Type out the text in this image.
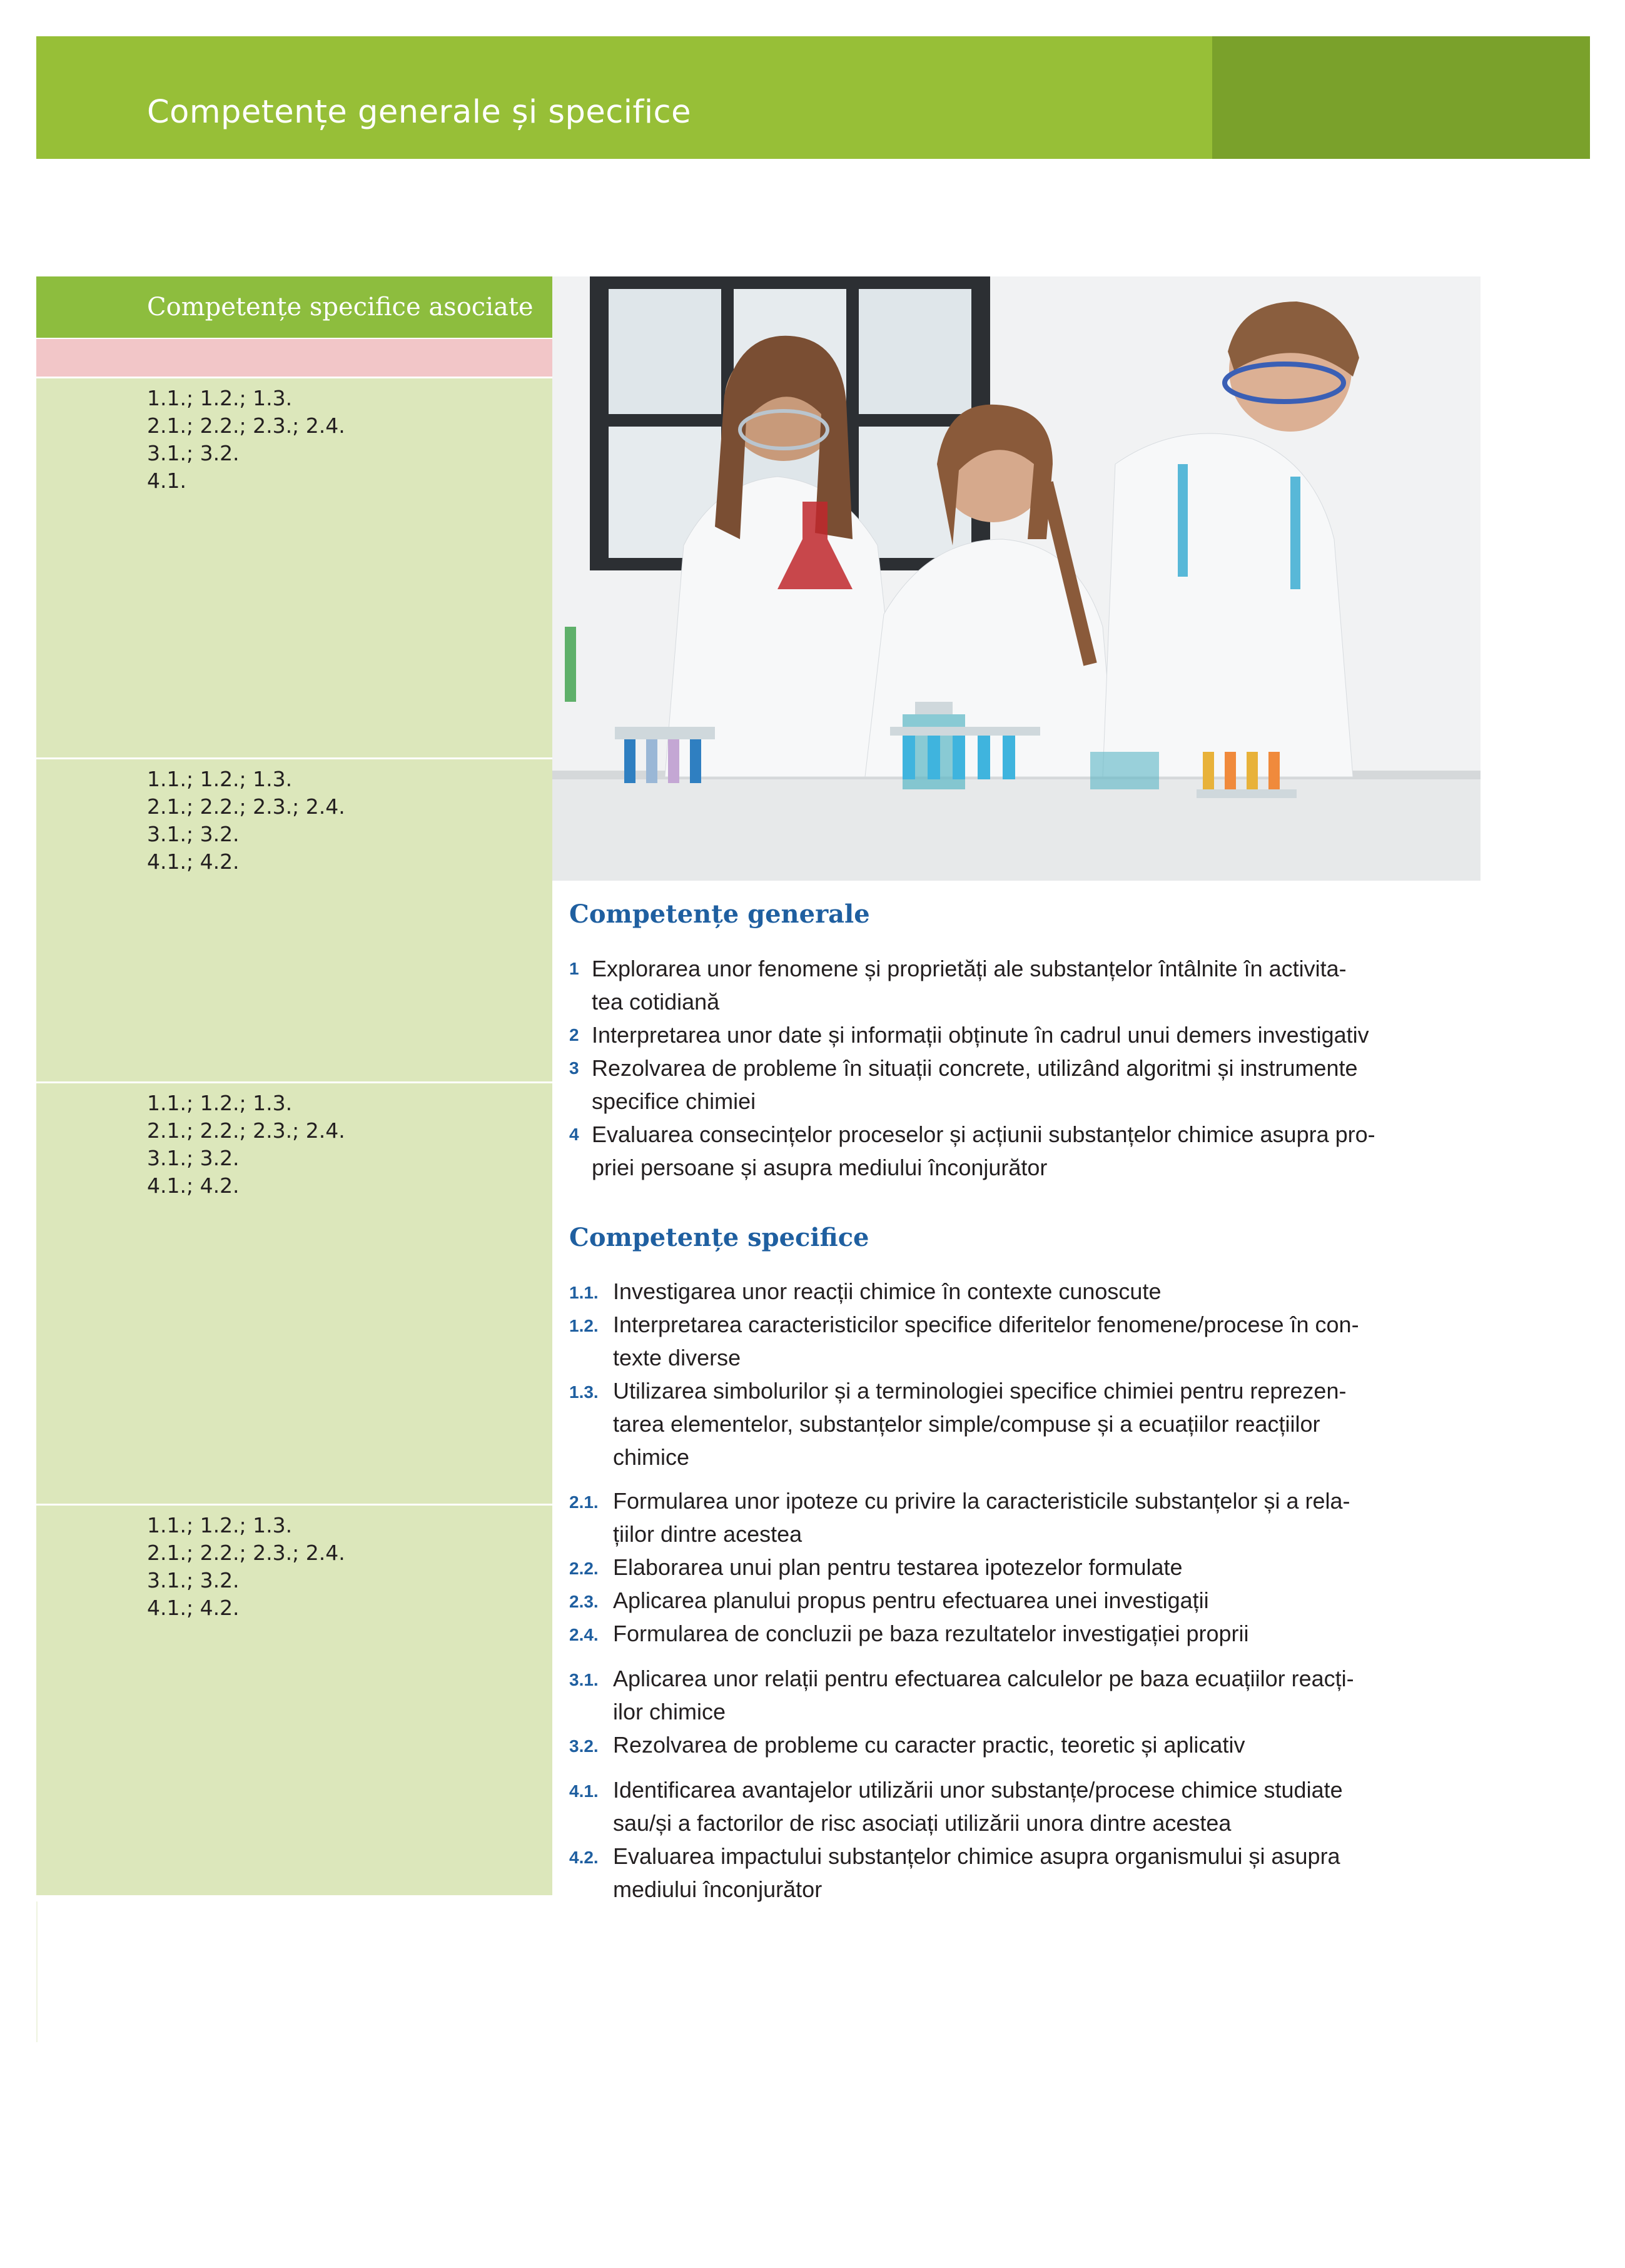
Competențe generale și specifice
Competențe specifice asociate
1.1.; 1.2.; 1.3.
2.1.; 2.2.; 2.3.; 2.4.
3.1.; 3.2.
4.1.
1.1.; 1.2.; 1.3.
2.1.; 2.2.; 2.3.; 2.4.
3.1.; 3.2.
4.1.; 4.2.
1.1.; 1.2.; 1.3.
2.1.; 2.2.; 2.3.; 2.4.
3.1.; 3.2.
4.1.; 4.2.
1.1.; 1.2.; 1.3.
2.1.; 2.2.; 2.3.; 2.4.
3.1.; 3.2.
4.1.; 4.2.
Competențe generale
1 Explorarea unor fenomene și proprietăți ale substanțelor întâlnite în activita-
tea cotidiană
2 Interpretarea unor date și informații obținute în cadrul unui demers investigativ
3 Rezolvarea de probleme în situații concrete, utilizând algoritmi și instrumente
specifice chimiei
4 Evaluarea consecințelor proceselor și acțiunii substanțelor chimice asupra pro-
priei persoane și asupra mediului înconjurător
Competențe specifice
1.1. Investigarea unor reacții chimice în contexte cunoscute
1.2. Interpretarea caracteristicilor specifice diferitelor fenomene/procese în con-
texte diverse
1.3. Utilizarea simbolurilor și a terminologiei specifice chimiei pentru reprezen-
tarea elementelor, substanțelor simple/compuse și a ecuațiilor reacțiilor
chimice
2.1. Formularea unor ipoteze cu privire la caracteristicile substanțelor și a rela-
țiilor dintre acestea
2.2. Elaborarea unui plan pentru testarea ipotezelor formulate
2.3. Aplicarea planului propus pentru efectuarea unei investigații
2.4. Formularea de concluzii pe baza rezultatelor investigației proprii
3.1. Aplicarea unor relații pentru efectuarea calculelor pe baza ecuațiilor reacți-
ilor chimice
3.2. Rezolvarea de probleme cu caracter practic, teoretic și aplicativ
4.1. Identificarea avantajelor utilizării unor substanțe/procese chimice studiate
sau/și a factorilor de risc asociați utilizării unora dintre acestea
4.2. Evaluarea impactului substanțelor chimice asupra organismului și asupra
mediului înconjurător
